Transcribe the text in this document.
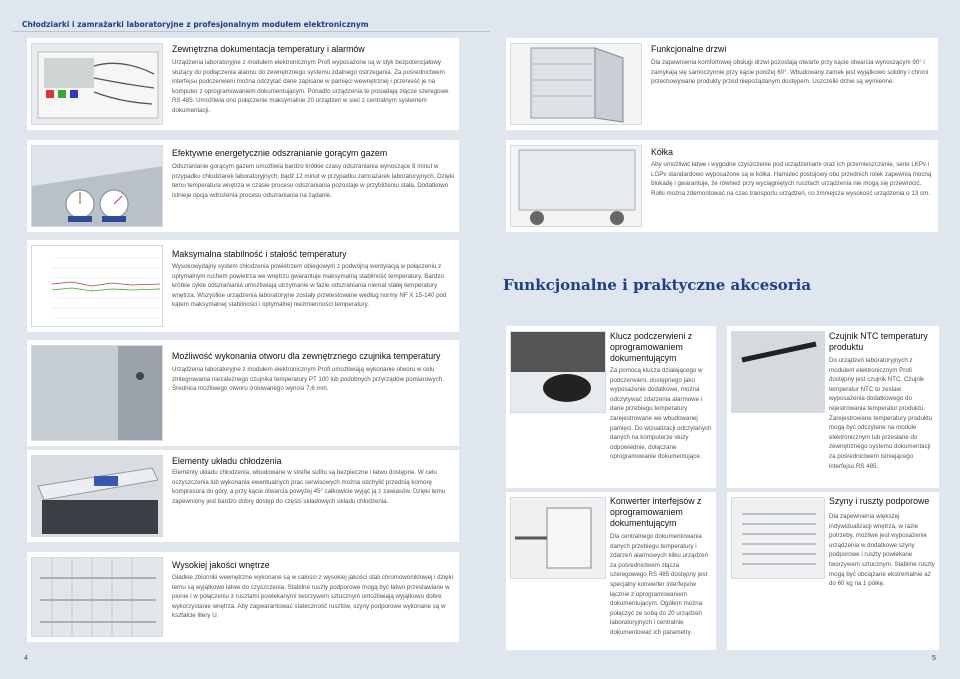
Chłodziarki i zamrażarki laboratoryjne z profesjonalnym modułem elektronicznym
Zewnętrzna dokumentacja temperatury i alarmów
Urządzenia laboratoryjne z modułem elektronicznym Profi wyposażone są w styk bezpotencjałowy służący do podłączenia alarmu do zewnętrznego systemu zdalnego ostrzegania. Za pośrednictwem interfejsu podczerwieni można odczytać dane zapisane w pamięci wewnętrznej i przenieść je na komputer z oprogramowaniem dokumentującym. Ponadto urządzenia te posiadają złącze szeregowe RS 485. Umożliwia ono połączenie maksymalnie 20 urządzeń w sieć z centralnym systemem dokumentacji.
Efektywne energetycznie odszranianie gorącym gazem
Odszranianie gorącym gazem umożliwia bardzo krótkie czasy odszraniania wynoszące 8 minut w przypadku chłodziarek laboratoryjnych, bądź 12 minut w przypadku zamrażarek laboratoryjnych. Dzięki temu temperatura wnętrza w czasie procesu odszraniania pozostaje w przybliżeniu stała. Dodatkowo istnieje opcja wdrożenia procesu odszraniania na żądanie.
Maksymalna stabilność i stałość temperatury
Wysokowydajny system chłodzenia powietrzem obiegowym z podwójną wentylacją w połączeniu z optymalnym ruchem powietrza we wnętrzu gwarantuje maksymalną stabilność temperatury. Bardzo krótkie cykle odszraniania umożliwiają utrzymanie w fazie odszraniania niemal stałej temperatury wnętrza. Wszystkie urządzenia laboratoryjne zostały przetestowane według normy NF X 15-140 pod kątem maksymalnej stabilności i optymalnej niezmienności temperatury.
Możliwość wykonania otworu dla zewnętrznego czujnika temperatury
Urządzenia laboratoryjne z modułem elektronicznym Profi umożliwiają wykonanie otworu w celu zintegrowania niezależnego czujnika temperatury PT 100 lub podobnych przyrządów pomiarowych. Średnica możliwego otworu izolowanego wynosi 7,6 mm.
Elementy układu chłodzenia
Elementy układu chłodzenia, wbudowane w strefie sufitu są bezpieczne i łatwo dostępne. W celu oczyszczenia lub wykonania ewentualnych prac serwisowych można odchylić przednią komorę kompresora do góry, a przy kącie otwarcia powyżej 45° całkowicie wyjąć ją z zawiasów. Dzięki temu zapewniony jest bardzo dobry dostęp do części składowych układu chłodzenia.
Wysokiej jakości wnętrze
Gładkie zbiorniki wewnętrzne wykonane są w całości z wysokiej jakości stali chromowoniklowej i dzięki temu są wyjątkowo łatwe do czyszczenia. Stabilne ruszty podporowe mogą być łatwo przestawiane w pionie i w połączeniu z rusztami powlekanymi tworzywem sztucznym umożliwiają wyjątkowo dobre wykorzystanie wnętrza. Aby zagwarantować stateczność rusztów, szyny podporowe wykonane są w kształcie litery U.
4
Funkcjonalne drzwi
Dla zapewnienia komfortowej obsługi drzwi pozostają otwarte przy kącie otwarcia wynoszącym 90° i zamykają się samoczynnie przy kącie poniżej 60°. Wbudowany zamek jest wyjątkowo solidny i chroni przechowywane produkty przed niepożądanym dostępem. Uszczelki drzwi są wymienne.
Kółka
Aby umożliwić łatwe i wygodne czyszczenie pod urządzeniami oraz ich przemieszczanie, serie LKPv i LGPv standardowo wyposażone są w kółka. Hamulec postojowy obu przednich rolek zapewnia mocną blokadę i gwarantuje, że również przy wyciągniętych rusztach urządzenia nie mogą się przewrócić. Rolki można zdemontować na czas transportu urządzeń, co zmniejsza wysokość urządzenia o 13 cm.
Funkcjonalne i praktyczne akcesoria
Klucz podczerwieni z oprogramowaniem dokumentującym
Za pomocą klucza działającego w podczerwieni, dostępnego jako wyposażenie dodatkowe, można odczytywać zdarzenia alarmowe i dane przebiegu temperatury zarejestrowane we wbudowanej pamięci. Do wizualizacji odczytanych danych na komputerze służy odpowiednie, dołączane oprogramowanie dokumentujące.
Czujnik NTC temperatury produktu
Do urządzeń laboratoryjnych z modułem elektronicznym Profi dostępny jest czujnik NTC. Czujnik temperatur NTC to zestaw wyposażenia dodatkowego do rejestrowania temperatur produktu. Zarejestrowane temperatury produktu mogą być odczytane na module elektronicznym lub przesłane do zewnętrznego systemu dokumentacji za pośrednictwem istniejącego interfejsu RS 485.
Konwerter interfejsów z oprogramowaniem dokumentującym
Dla centralnego dokumentowania danych przebiegu temperatury i zdarzeń alarmowych kilku urządzeń za pośrednictwem złącza szeregowego RS 485 dostępny jest specjalny konwerter interfejsów łącznie z oprogramowaniem dokumentującym. Ogółem można połączyć ze sobą do 20 urządzeń laboratoryjnych i centralnie dokumentować ich parametry.
Szyny i ruszty podporowe
Dla zapewnienia większej indywidualizacji wnętrza, w razie potrzeby, możliwe jest wyposażenie urządzenia w dodatkowe szyny podporowe i ruszty powlekane tworzywem sztucznym. Stabilne ruszty mogą być obciążane ekstremalnie aż do 60 kg na 1 półkę.
5
